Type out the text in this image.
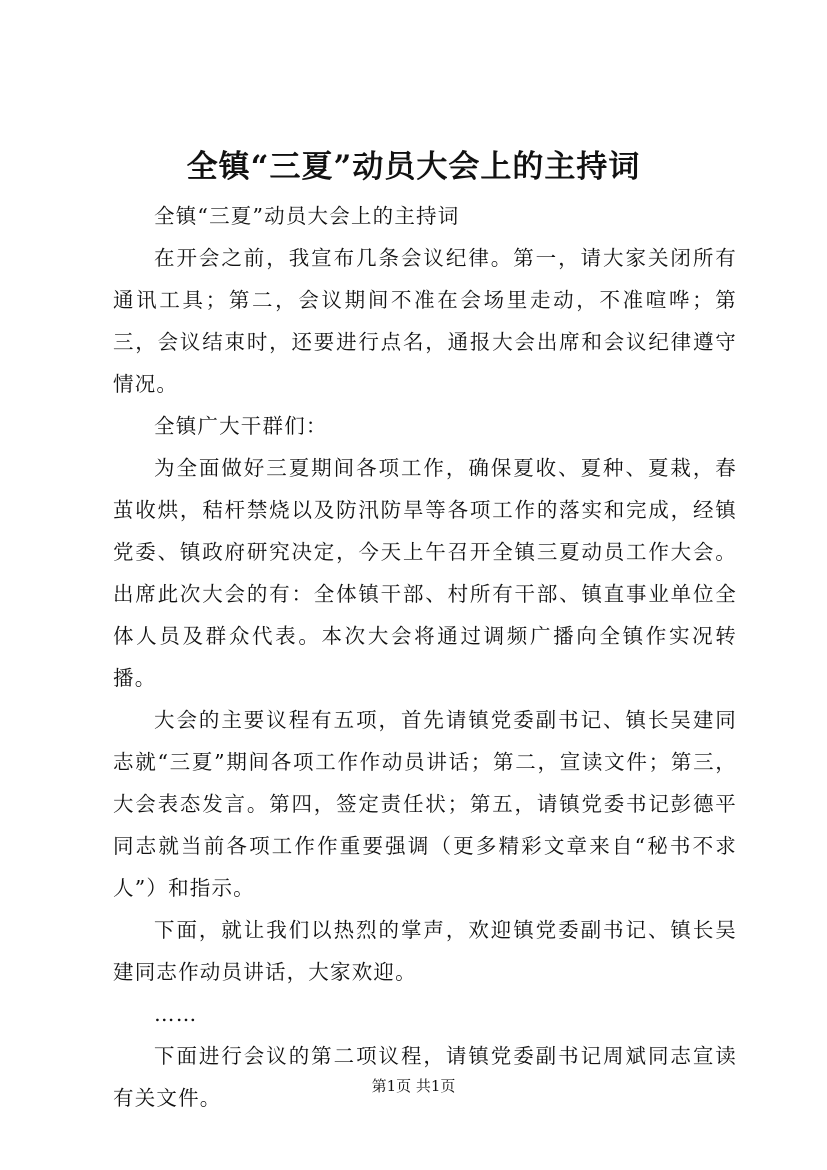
全镇“三夏”动员大会上的主持词

全镇“三夏”动员大会上的主持词

在开会之前，我宣布几条会议纪律。第一，请大家关闭所有通讯工具；第二，会议期间不准在会场里走动，不准喧哗；第三，会议结束时，还要进行点名，通报大会出席和会议纪律遵守情况。

全镇广大干群们：

为全面做好三夏期间各项工作，确保夏收、夏种、夏栽，春茧收烘，秸杆禁烧以及防汛防旱等各项工作的落实和完成，经镇党委、镇政府研究决定，今天上午召开全镇三夏动员工作大会。出席此次大会的有：全体镇干部、村所有干部、镇直事业单位全体人员及群众代表。本次大会将通过调频广播向全镇作实况转播。

大会的主要议程有五项，首先请镇党委副书记、镇长吴建同志就“三夏”期间各项工作作动员讲话；第二，宣读文件；第三，大会表态发言。第四，签定责任状；第五，请镇党委书记彭德平同志就当前各项工作作重要强调（更多精彩文章来自“秘书不求人”）和指示。

下面，就让我们以热烈的掌声，欢迎镇党委副书记、镇长吴建同志作动员讲话，大家欢迎。

……

下面进行会议的第二项议程，请镇党委副书记周斌同志宣读有关文件。	第1页 共1页
